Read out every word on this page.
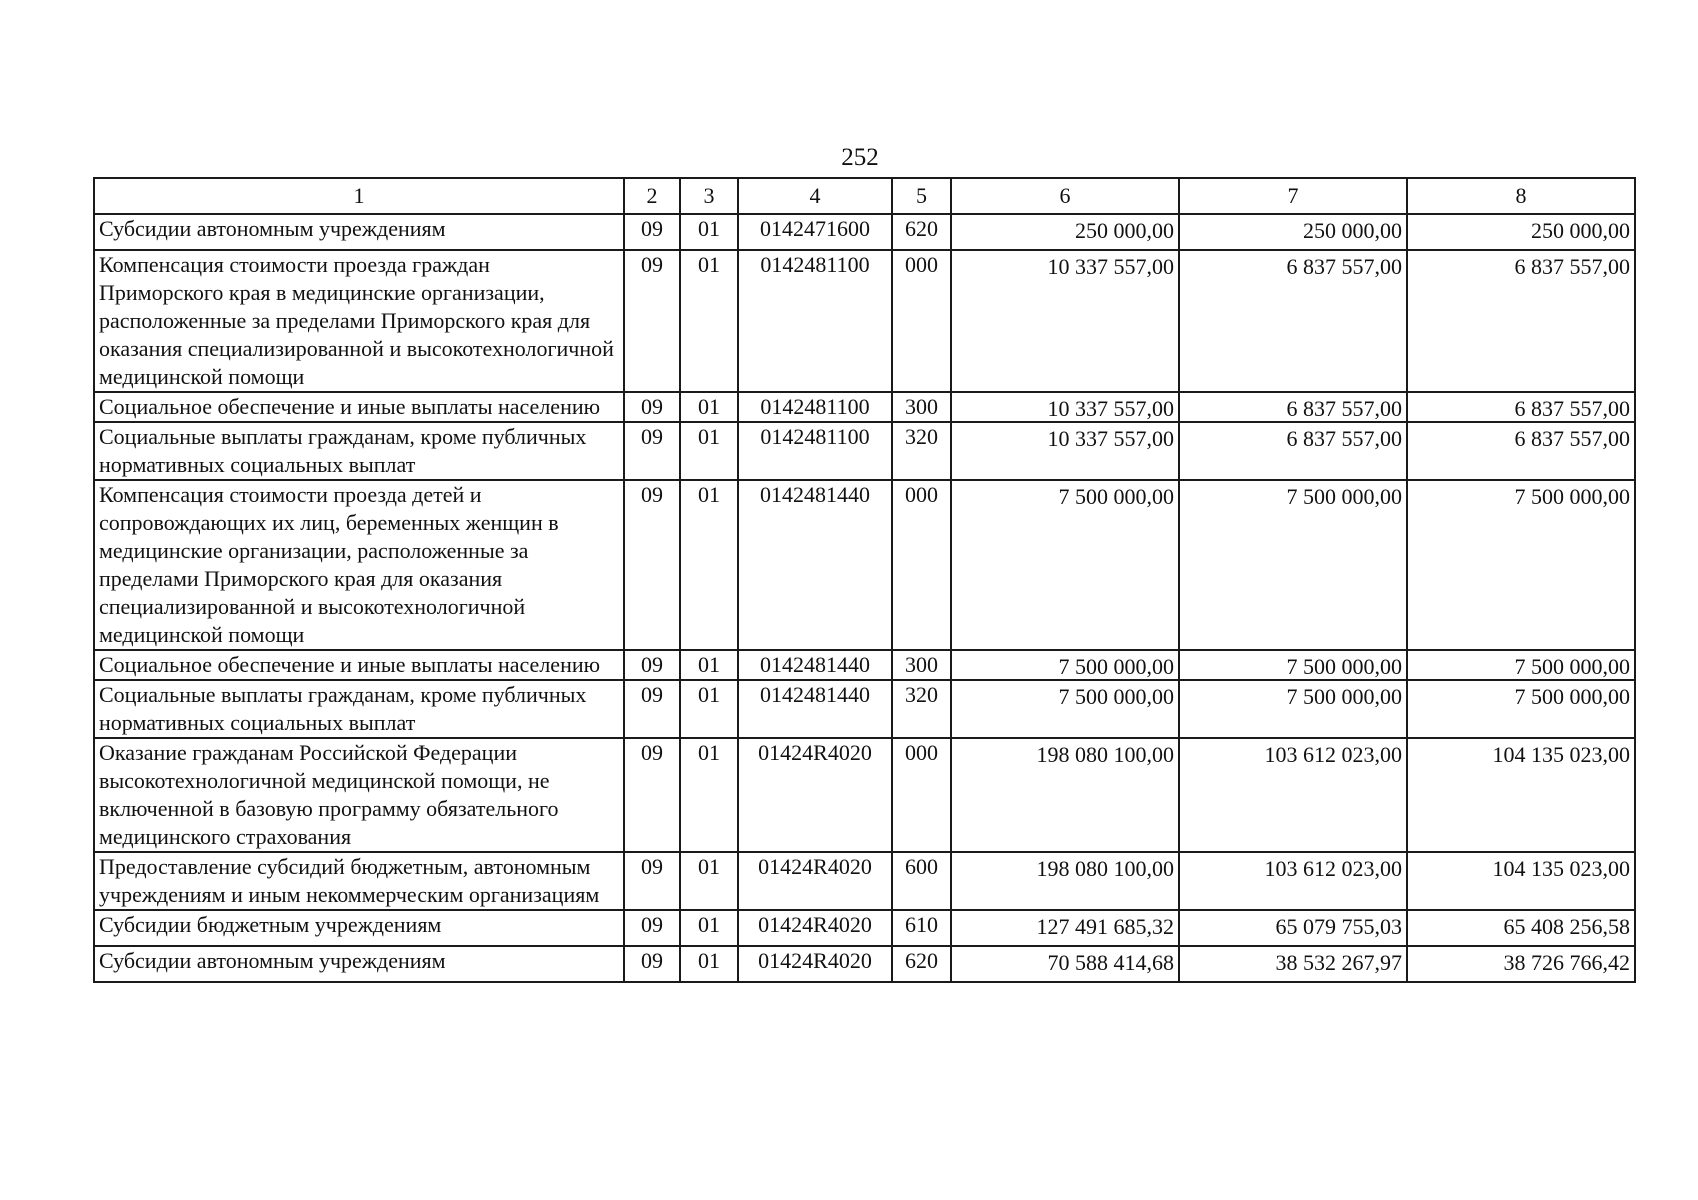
252
1	2	3	4	5	6	7	8
Субсидии автономным учреждениям	09	01	0142471600	620	250 000,00	250 000,00	250 000,00
Компенсация стоимости проезда граждан Приморского края в медицинские организации, расположенные за пределами Приморского края для оказания специализированной и высокотехнологичной медицинской помощи	09	01	0142481100	000	10 337 557,00	6 837 557,00	6 837 557,00
Социальное обеспечение и иные выплаты населению	09	01	0142481100	300	10 337 557,00	6 837 557,00	6 837 557,00
Социальные выплаты гражданам, кроме публичных нормативных социальных выплат	09	01	0142481100	320	10 337 557,00	6 837 557,00	6 837 557,00
Компенсация стоимости проезда детей и сопровождающих их лиц, беременных женщин в медицинские организации, расположенные за пределами Приморского края для оказания специализированной и высокотехнологичной медицинской помощи	09	01	0142481440	000	7 500 000,00	7 500 000,00	7 500 000,00
Социальное обеспечение и иные выплаты населению	09	01	0142481440	300	7 500 000,00	7 500 000,00	7 500 000,00
Социальные выплаты гражданам, кроме публичных нормативных социальных выплат	09	01	0142481440	320	7 500 000,00	7 500 000,00	7 500 000,00
Оказание гражданам Российской Федерации высокотехнологичной медицинской помощи, не включенной в базовую программу обязательного медицинского страхования	09	01	01424R4020	000	198 080 100,00	103 612 023,00	104 135 023,00
Предоставление субсидий бюджетным, автономным учреждениям и иным некоммерческим организациям	09	01	01424R4020	600	198 080 100,00	103 612 023,00	104 135 023,00
Субсидии бюджетным учреждениям	09	01	01424R4020	610	127 491 685,32	65 079 755,03	65 408 256,58
Субсидии автономным учреждениям	09	01	01424R4020	620	70 588 414,68	38 532 267,97	38 726 766,42
